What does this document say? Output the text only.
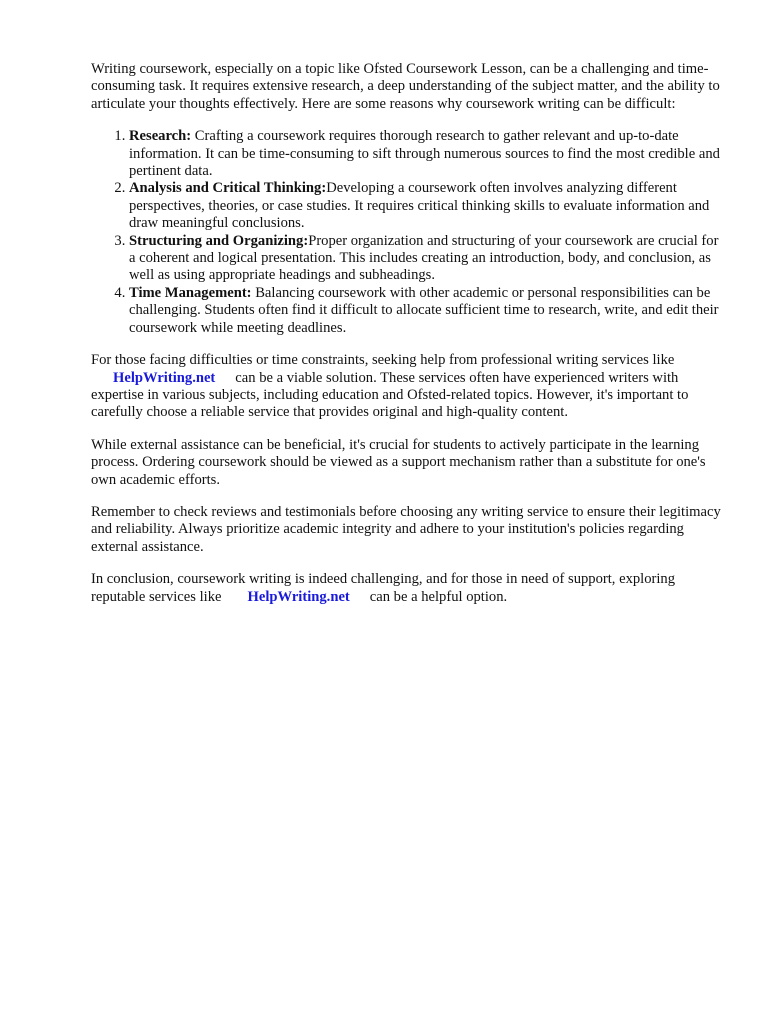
Writing coursework, especially on a topic like Ofsted Coursework Lesson, can be a challenging and time-consuming task. It requires extensive research, a deep understanding of the subject matter, and the ability to articulate your thoughts effectively. Here are some reasons why coursework writing can be difficult:

1. Research: Crafting a coursework requires thorough research to gather relevant and up-to-date information. It can be time-consuming to sift through numerous sources to find the most credible and pertinent data.
2. Analysis and Critical Thinking:Developing a coursework often involves analyzing different perspectives, theories, or case studies. It requires critical thinking skills to evaluate information and draw meaningful conclusions.
3. Structuring and Organizing:Proper organization and structuring of your coursework are crucial for a coherent and logical presentation. This includes creating an introduction, body, and conclusion, as well as using appropriate headings and subheadings.
4. Time Management: Balancing coursework with other academic or personal responsibilities can be challenging. Students often find it difficult to allocate sufficient time to research, write, and edit their coursework while meeting deadlines.

For those facing difficulties or time constraints, seeking help from professional writing services like
HelpWriting.net can be a viable solution. These services often have experienced writers with expertise in various subjects, including education and Ofsted-related topics. However, it's important to carefully choose a reliable service that provides original and high-quality content.

While external assistance can be beneficial, it's crucial for students to actively participate in the learning process. Ordering coursework should be viewed as a support mechanism rather than a substitute for one's own academic efforts.

Remember to check reviews and testimonials before choosing any writing service to ensure their legitimacy and reliability. Always prioritize academic integrity and adhere to your institution's policies regarding external assistance.

In conclusion, coursework writing is indeed challenging, and for those in need of support, exploring reputable services like HelpWriting.net can be a helpful option.
